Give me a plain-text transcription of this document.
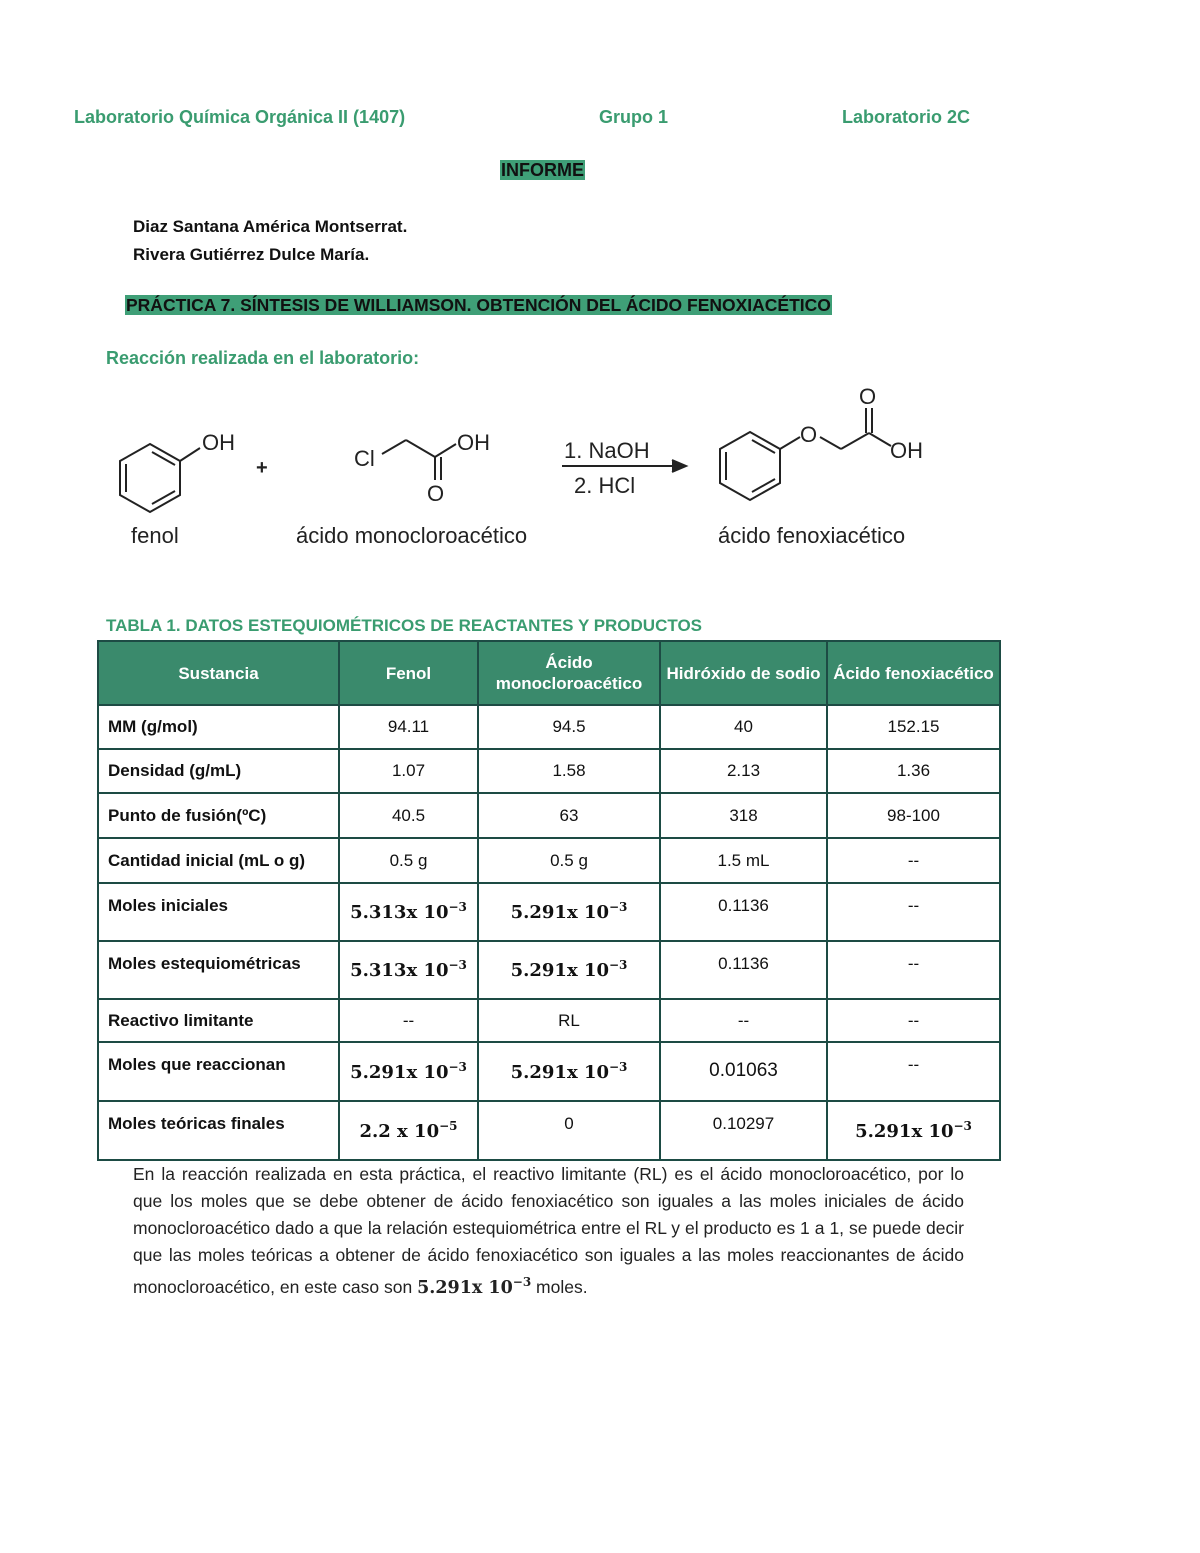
Laboratorio Química Orgánica II (1407)	Grupo 1	Laboratorio 2C
INFORME
Diaz Santana América Montserrat.
Rivera Gutiérrez Dulce María.
PRÁCTICA 7. SÍNTESIS DE WILLIAMSON. OBTENCIÓN DEL ÁCIDO FENOXIACÉTICO
Reacción realizada en el laboratorio:
OH
+	Cl
OH
O
1. NaOH
2. HCl
O
O
OH
fenol	ácido monocloroacético	ácido fenoxiacético
TABLA 1. DATOS ESTEQUIOMÉTRICOS DE REACTANTES Y PRODUCTOS
Sustancia	Fenol	Ácido monocloroacético	Hidróxido de sodio	Ácido fenoxiacético
MM (g/mol)	94.11	94.5	40	152.15
Densidad (g/mL)	1.07	1.58	2.13	1.36
Punto de fusión(ºC)	40.5	63	318	98-100
Cantidad inicial (mL o g)	0.5 g	0.5 g	1.5 mL	--
Moles iniciales	5.313x $10^{-3}$	5.291x $10^{-3}$	0.1136	--
Moles estequiométricas	5.313x $10^{-3}$	5.291x $10^{-3}$	0.1136	--
Reactivo limitante	--	RL	--	--
Moles que reaccionan	5.291x $10^{-3}$	5.291x $10^{-3}$	0.01063	--
Moles teóricas finales	2.2 x $10^{-5}$	0	0.10297	5.291x $10^{-3}$
En la reacción realizada en esta práctica, el reactivo limitante (RL) es el ácido monocloroacético, por lo que los moles que se debe obtener de ácido fenoxiacético son iguales a las moles iniciales de ácido monocloroacético dado a que la relación estequiométrica entre el RL y el producto es 1 a 1, se puede decir que las moles teóricas a obtener de ácido fenoxiacético son iguales a las moles reaccionantes de ácido monocloroacético, en este caso son 5.291x $10^{-3}$ moles.
